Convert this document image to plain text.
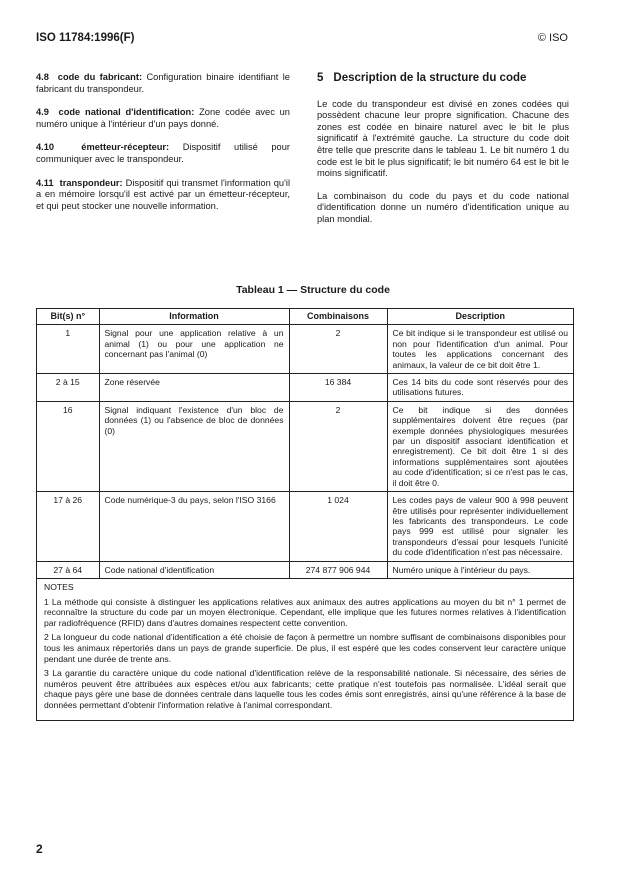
ISO 11784:1996(F)	© ISO

4.8 code du fabricant: Configuration binaire identifiant le fabricant du transpondeur.

4.9 code national d'identification: Zone codée avec un numéro unique à l'intérieur d'un pays donné.

4.10	émetteur-récepteur: Dispositif utilisé pour communiquer avec le transpondeur.

4.11 transpondeur: Dispositif qui transmet l'information qu'il a en mémoire lorsqu'il est activé par un émetteur-récepteur, et qui peut stocker une nouvelle information.

5 Description de la structure du code

Le code du transpondeur est divisé en zones codées qui possèdent chacune leur propre signification. Chacune des zones est codée en binaire naturel avec le bit le plus significatif à l'extrémité gauche. La structure du code doit être telle que prescrite dans le tableau 1. Le bit numéro 1 du code est le bit le plus significatif; le bit numéro 64 est le bit le moins significatif.

La combinaison du code du pays et du code national d'identification donne un numéro d'identification unique au plan mondial.

Tableau 1 — Structure du code
Bit(s) n°	Information	Combinaisons	Description
1	Signal pour une application relative à un animal (1) ou pour une application ne concernant pas l'animal (0)	2	Ce bit indique si le transpondeur est utilisé ou non pour l'identification d'un animal. Pour toutes les applications concernant des animaux, la valeur de ce bit doit être 1.
2 à 15	Zone réservée	16 384	Ces 14 bits du code sont réservés pour des utilisations futures.
16	Signal indiquant l'existence d'un bloc de données (1) ou l'absence de bloc de données (0)	2	Ce bit indique si des données supplémentaires doivent être reçues (par exemple données physiologiques mesurées par un dispositif associant identification et enregistrement). Ce bit doit être 1 si des informations supplémentaires sont ajoutées au code d'identification; si ce n'est pas le cas, il doit être 0.
17 à 26	Code numérique-3 du pays, selon l'ISO 3166	1 024	Les codes pays de valeur 900 à 998 peuvent être utilisés pour représenter individuellement les fabricants des transpondeurs. Le code pays 999 est utilisé pour signaler les transpondeurs d'essai pour lesquels l'unicité du code d'identification n'est pas nécessaire.
27 à 64	Code national d'identification	274 877 906 944	Numéro unique à l'intérieur du pays.
NOTES
1 La méthode qui consiste à distinguer les applications relatives aux animaux des autres applications au moyen du bit n° 1 permet de reconnaître la structure du code par un moyen électronique. Cependant, elle implique que les futures normes relatives à l'identification par radiofréquence (RFID) dans d'autres domaines respectent cette convention.
2 La longueur du code national d'identification a été choisie de façon à permettre un nombre suffisant de combinaisons disponibles pour tous les animaux répertoriés dans un pays de grande superficie. De plus, il est espéré que les codes conservent leur caractère unique pendant une durée de trente ans.
3 La garantie du caractère unique du code national d'identification relève de la responsabilité nationale. Si nécessaire, des séries de numéros peuvent être attribuées aux espèces et/ou aux fabricants; cette pratique n'est toutefois pas normalisée. L'idéal serait que chaque pays gère une base de données centrale dans laquelle tous les codes émis sont enregistrés, ainsi qu'une référence à la base de données permettant d'obtenir l'information relative à l'animal correspondant.
2
